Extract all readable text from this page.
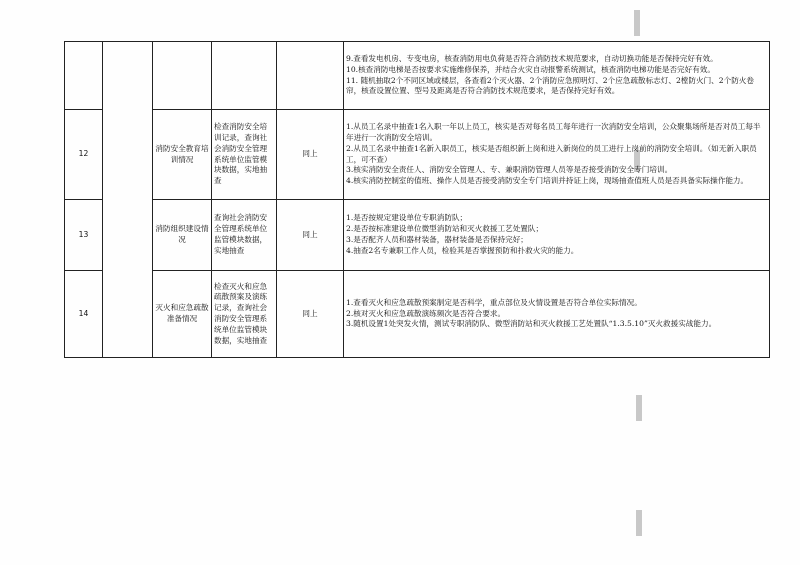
					9.查看发电机房、专变电房，核查消防用电负荷是否符合消防技术规范要求，自动切换功能是否保持完好有效。
10.核查消防电梯是否按要求实施维修保养，并结合火灾自动报警系统测试，核查消防电梯功能是否完好有效。
11. 随机抽取2个不同区域或楼层，各查看2个灭火器、2个消防应急照明灯、2个应急疏散标志灯、2樘防火门、2个防火卷帘，核查设置位置、型号及距离是否符合消防技术规范要求，是否保持完好有效。

12		消防安全教育培训情况	检查消防安全培训记录，查询社会消防安全管理系统单位监管模块数据，实地抽查	同上	1.从员工名录中抽查1名入职一年以上员工，核实是否对每名员工每年进行一次消防安全培训，公众聚集场所是否对员工每半年进行一次消防安全培训。
2.从员工名录中抽查1名新入职员工，核实是否组织新上岗和进入新岗位的员工进行上岗前的消防安全培训。（如无新入职员工，可不查）
3.核实消防安全责任人、消防安全管理人、专、兼职消防管理人员等是否接受消防安全专门培训。
4.核实消防控制室的值班、操作人员是否接受消防安全专门培训并持证上岗，现场抽查值班人员是否具备实际操作能力。

13		消防组织建设情况	查询社会消防安全管理系统单位监管模块数据，实地抽查	同上	1.是否按规定建设单位专职消防队；
2.是否按标准建设单位微型消防站和灭火救援工艺处置队；
3.是否配齐人员和器材装备，器材装备是否保持完好；
4.抽查2名专兼职工作人员，检验其是否掌握预防和扑救火灾的能力。

14		灭火和应急疏散准备情况	检查灭火和应急疏散预案及演练记录，查询社会消防安全管理系统单位监管模块数据，实地抽查	同上	1.查看灭火和应急疏散预案制定是否科学，重点部位及火情设置是否符合单位实际情况。
2.核对灭火和应急疏散演练频次是否符合要求。
3.随机设置1处突发火情，测试专职消防队、微型消防站和灭火救援工艺处置队“1.3.5.10”灭火救援实战能力。
